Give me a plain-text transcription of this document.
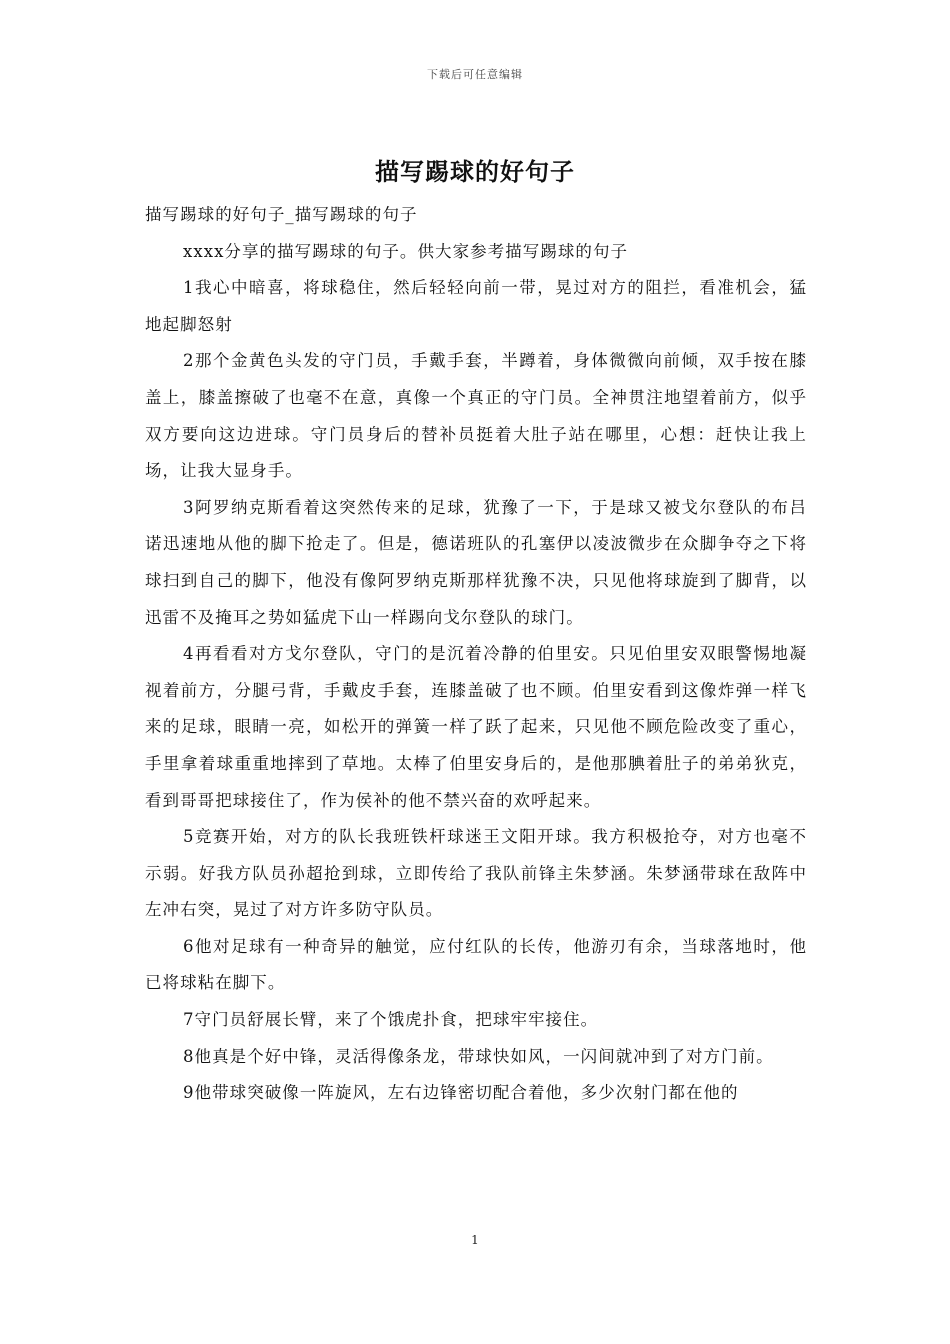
下载后可任意编辑
描写踢球的好句子

描写踢球的好句子_描写踢球的句子

xxxx分享的描写踢球的句子。供大家参考描写踢球的句子

1我心中暗喜，将球稳住，然后轻轻向前一带，晃过对方的阻拦，看准机会，猛地起脚怒射

2那个金黄色头发的守门员，手戴手套，半蹲着，身体微微向前倾，双手按在膝盖上，膝盖擦破了也毫不在意，真像一个真正的守门员。全神贯注地望着前方，似乎双方要向这边进球。守门员身后的替补员挺着大肚子站在哪里，心想：赶快让我上场，让我大显身手。

3阿罗纳克斯看着这突然传来的足球，犹豫了一下，于是球又被戈尔登队的布吕诺迅速地从他的脚下抢走了。但是，德诺班队的孔塞伊以凌波微步在众脚争夺之下将球扫到自己的脚下，他没有像阿罗纳克斯那样犹豫不决，只见他将球旋到了脚背，以迅雷不及掩耳之势如猛虎下山一样踢向戈尔登队的球门。

4再看看对方戈尔登队，守门的是沉着冷静的伯里安。只见伯里安双眼警惕地凝视着前方，分腿弓背，手戴皮手套，连膝盖破了也不顾。伯里安看到这像炸弹一样飞来的足球，眼睛一亮，如松开的弹簧一样了跃了起来，只见他不顾危险改变了重心，手里拿着球重重地摔到了草地。太棒了伯里安身后的，是他那腆着肚子的弟弟狄克，看到哥哥把球接住了，作为侯补的他不禁兴奋的欢呼起来。

5竞赛开始，对方的队长我班铁杆球迷王文阳开球。我方积极抢夺，对方也毫不示弱。好我方队员孙超抢到球，立即传给了我队前锋主朱梦涵。朱梦涵带球在敌阵中左冲右突，晃过了对方许多防守队员。

6他对足球有一种奇异的触觉，应付红队的长传，他游刃有余，当球落地时，他已将球粘在脚下。

7守门员舒展长臂，来了个饿虎扑食，把球牢牢接住。

8他真是个好中锋，灵活得像条龙，带球快如风，一闪间就冲到了对方门前。

9他带球突破像一阵旋风，左右边锋密切配合着他，多少次射门都在他的

1
